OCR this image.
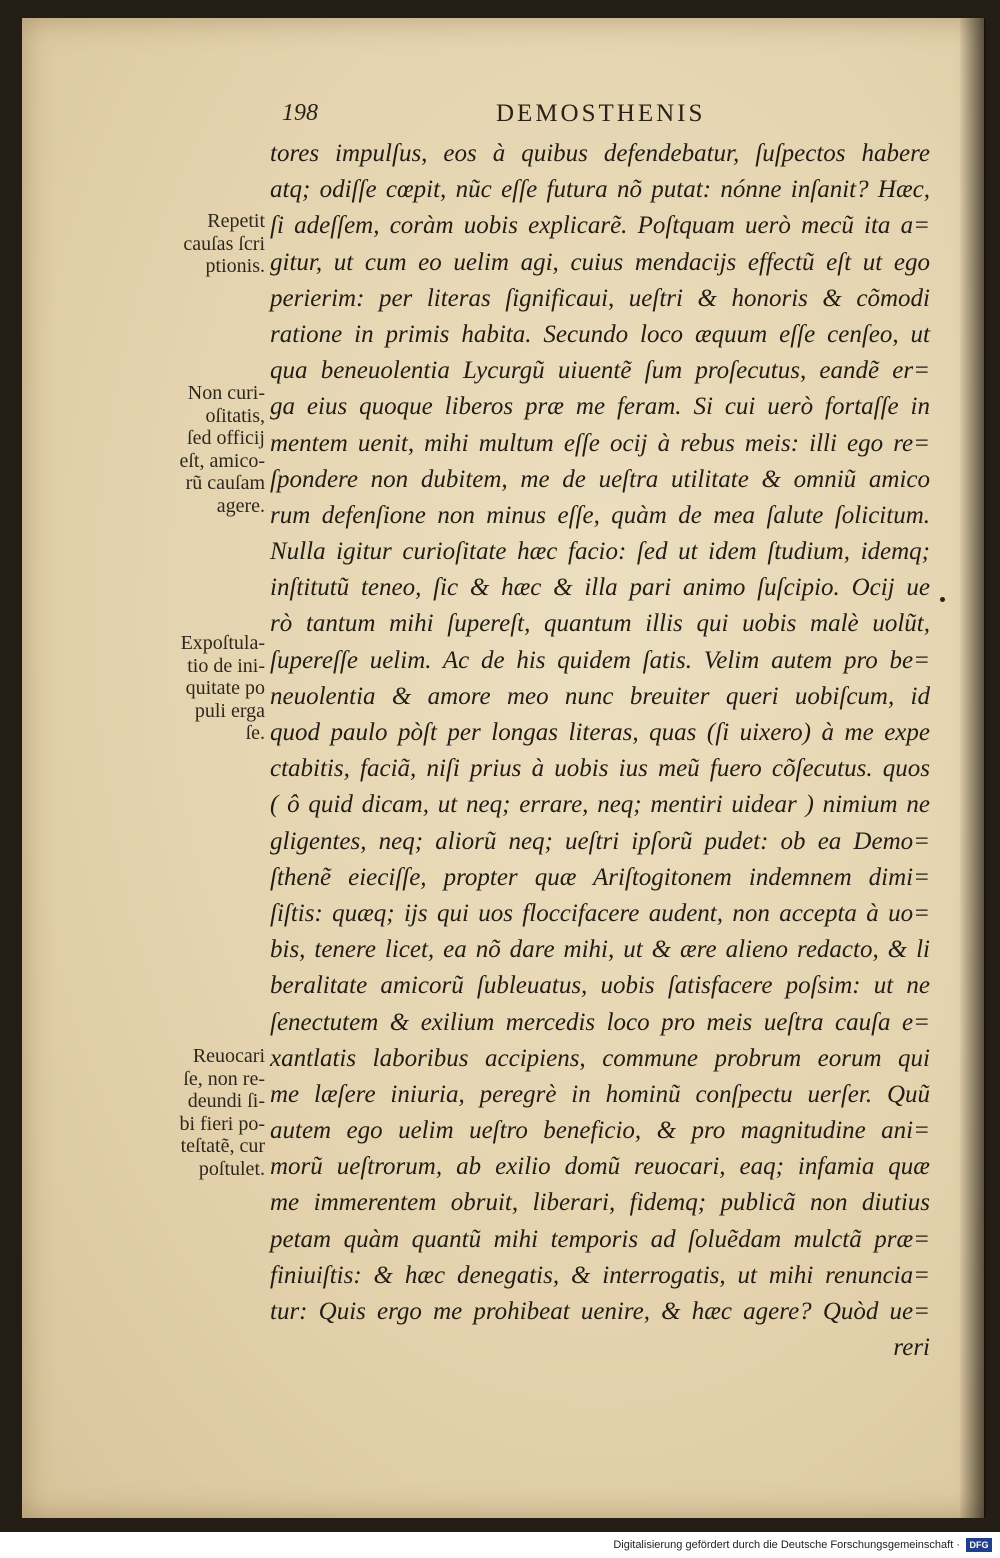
198	DEMOSTHENIS
tores impulſus, eos à quibus defendebatur, ſuſpectos habere
atq; odiſſe cœpit, nũc eſſe futura nõ putat: nónne inſanit? Hæc,
ſi adeſſem, coràm uobis explicarẽ. Poſtquam uerò mecũ ita a=
gitur, ut cum eo uelim agi, cuius mendacijs effectũ eſt ut ego
perierim: per literas ſignificaui, ueſtri & honoris & cõmodi
ratione in primis habita. Secundo loco æquum eſſe cenſeo, ut
qua beneuolentia Lycurgũ uiuentẽ ſum proſecutus, eandẽ er=
ga eius quoque liberos præ me feram. Si cui uerò fortaſſe in
mentem uenit, mihi multum eſſe ocij à rebus meis: illi ego re=
ſpondere non dubitem, me de ueſtra utilitate & omniũ amico
rum defenſione non minus eſſe, quàm de mea ſalute ſolicitum.
Nulla igitur curioſitate hæc facio: ſed ut idem ſtudium, idemq;
inſtitutũ teneo, ſic & hæc & illa pari animo ſuſcipio. Ocij ue
rò tantum mihi ſupereſt, quantum illis qui uobis malè uolũt,
ſupereſſe uelim. Ac de his quidem ſatis. Velim autem pro be=
neuolentia & amore meo nunc breuiter queri uobiſcum, id
quod paulo pòſt per longas literas, quas (ſi uixero) à me expe
ctabitis, faciã, niſi prius à uobis ius meũ fuero cõſecutus. quos
( ô quid dicam, ut neq; errare, neq; mentiri uidear ) nimium ne
gligentes, neq; aliorũ neq; ueſtri ipſorũ pudet: ob ea Demo=
ſthenẽ eieciſſe, propter quæ Ariſtogitonem indemnem dimi=
ſiſtis: quæq; ijs qui uos floccifacere audent, non accepta à uo=
bis, tenere licet, ea nõ dare mihi, ut & ære alieno redacto, & li
beralitate amicorũ ſubleuatus, uobis ſatisfacere poſsim: ut ne
ſenectutem & exilium mercedis loco pro meis ueſtra cauſa e=
xantlatis laboribus accipiens, commune probrum eorum qui
me læſere iniuria, peregrè in hominũ conſpectu uerſer. Quũ
autem ego uelim ueſtro beneficio, & pro magnitudine ani=
morũ ueſtrorum, ab exilio domũ reuocari, eaq; infamia quæ
me immerentem obruit, liberari, fidemq; publicã non diutius
petam quàm quantũ mihi temporis ad ſoluẽdam mulctã præ=
finiuiſtis: & hæc denegatis, & interrogatis, ut mihi renuncia=
tur: Quis ergo me prohibeat uenire, & hæc agere? Quòd ue=
reri
Repetit
cauſas ſcri
ptionis.
Non curi-
oſitatis,
ſed officij
eſt, amico-
rũ cauſam
agere.
Expoſtula-
tio de ini-
quitate po
puli erga
ſe.
Reuocari
ſe, non re-
deundi ſi-
bi fieri po-
teſtatẽ, cur
poſtulet.
Digitalisierung gefördert durch die Deutsche Forschungsgemeinschaft ·	DFG
